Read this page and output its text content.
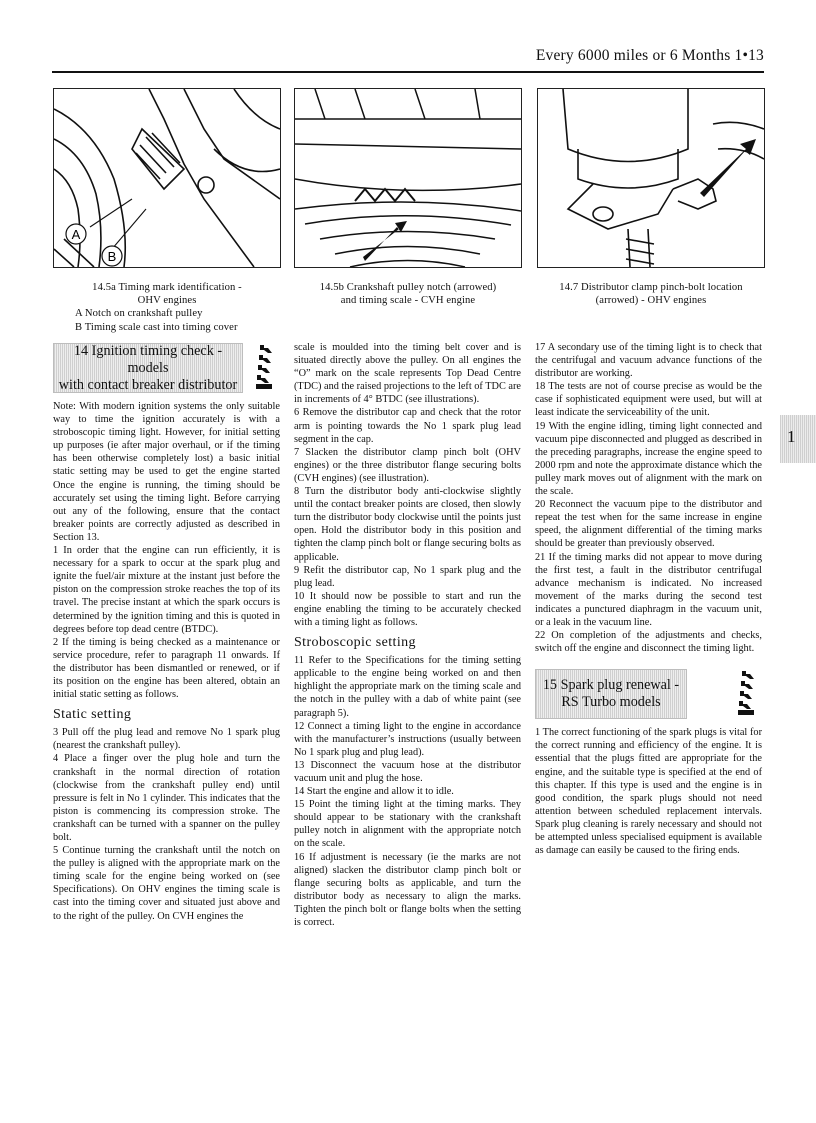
Every 6000 miles or 6 Months 1•13
A
B
14.5a Timing mark identification -
OHV engines
A Notch on crankshaft pulley
B Timing scale cast into timing cover
14.5b Crankshaft pulley notch (arrowed)
and timing scale - CVH engine
14.7 Distributor clamp pinch-bolt location
(arrowed) - OHV engines
14 Ignition timing check - models
with contact breaker distributor

Note: With modern ignition systems the only suitable way to time the ignition accurately is with a stroboscopic timing light. However, for initial setting up purposes (ie after major overhaul, or if the timing has been otherwise completely lost) a basic initial static setting may be used to get the engine started Once the engine is running, the timing should be accurately set using the timing light. Before carrying out any of the following, ensure that the contact breaker points are correctly adjusted as described in Section 13.

1 In order that the engine can run efficiently, it is necessary for a spark to occur at the spark plug and ignite the fuel/air mixture at the instant just before the piston on the compression stroke reaches the top of its travel. The precise instant at which the spark occurs is determined by the ignition timing and this is quoted in degrees before top dead centre (BTDC).

2 If the timing is being checked as a maintenance or service procedure, refer to paragraph 11 onwards. If the distributor has been dismantled or renewed, or if its position on the engine has been altered, obtain an initial static setting as follows.

Static setting

3 Pull off the plug lead and remove No 1 spark plug (nearest the crankshaft pulley).

4 Place a finger over the plug hole and turn the crankshaft in the normal direction of rotation (clockwise from the crankshaft pulley end) until pressure is felt in No 1 cylinder. This indicates that the piston is commencing its compression stroke. The crankshaft can be turned with a spanner on the pulley bolt.

5 Continue turning the crankshaft until the notch on the pulley is aligned with the appropriate mark on the timing scale for the engine being worked on (see Specifications). On OHV engines the timing scale is cast into the timing cover and situated just above and to the right of the pulley. On CVH engines the

scale is moulded into the timing belt cover and is situated directly above the pulley. On all engines the “O” mark on the scale represents Top Dead Centre (TDC) and the raised projections to the left of TDC are in increments of 4° BTDC (see illustrations).

6 Remove the distributor cap and check that the rotor arm is pointing towards the No 1 spark plug lead segment in the cap.

7 Slacken the distributor clamp pinch bolt (OHV engines) or the three distributor flange securing bolts (CVH engines) (see illustration).

8 Turn the distributor body anti-clockwise slightly until the contact breaker points are closed, then slowly turn the distributor body clockwise until the points just open. Hold the distributor body in this position and tighten the clamp pinch bolt or flange securing bolts as applicable.

9 Refit the distributor cap, No 1 spark plug and the plug lead.

10 It should now be possible to start and run the engine enabling the timing to be accurately checked with a timing light as follows.

Stroboscopic setting

11 Refer to the Specifications for the timing setting applicable to the engine being worked on and then highlight the appropriate mark on the timing scale and the notch in the pulley with a dab of white paint (see paragraph 5).

12 Connect a timing light to the engine in accordance with the manufacturer’s instructions (usually between No 1 spark plug and plug lead).

13 Disconnect the vacuum hose at the distributor vacuum unit and plug the hose.

14 Start the engine and allow it to idle.

15 Point the timing light at the timing marks. They should appear to be stationary with the crankshaft pulley notch in alignment with the appropriate notch on the scale.

16 If adjustment is necessary (ie the marks are not aligned) slacken the distributor clamp pinch bolt or flange securing bolts as applicable, and turn the distributor body as necessary to align the marks. Tighten the pinch bolt or flange bolts when the setting is correct.

17 A secondary use of the timing light is to check that the centrifugal and vacuum advance functions of the distributor are working.

18 The tests are not of course precise as would be the case if sophisticated equipment were used, but will at least indicate the serviceability of the unit.

19 With the engine idling, timing light connected and vacuum pipe disconnected and plugged as described in the preceding paragraphs, increase the engine speed to 2000 rpm and note the approximate distance which the pulley mark moves out of alignment with the mark on the scale.

20 Reconnect the vacuum pipe to the distributor and repeat the test when for the same increase in engine speed, the alignment differential of the timing marks should be greater than previously observed.

21 If the timing marks did not appear to move during the first test, a fault in the distributor centrifugal advance mechanism is indicated. No increased movement of the marks during the second test indicates a punctured diaphragm in the vacuum unit, or a leak in the vacuum line.

22 On completion of the adjustments and checks, switch off the engine and disconnect the timing light.

15 Spark plug renewal -
RS Turbo models

1 The correct functioning of the spark plugs is vital for the correct running and efficiency of the engine. It is essential that the plugs fitted are appropriate for the engine, and the suitable type is specified at the end of this chapter. If this type is used and the engine is in good condition, the spark plugs should not need attention between scheduled replacement intervals. Spark plug cleaning is rarely necessary and should not be attempted unless specialised equipment is available as damage can easily be caused to the firing ends.

1
